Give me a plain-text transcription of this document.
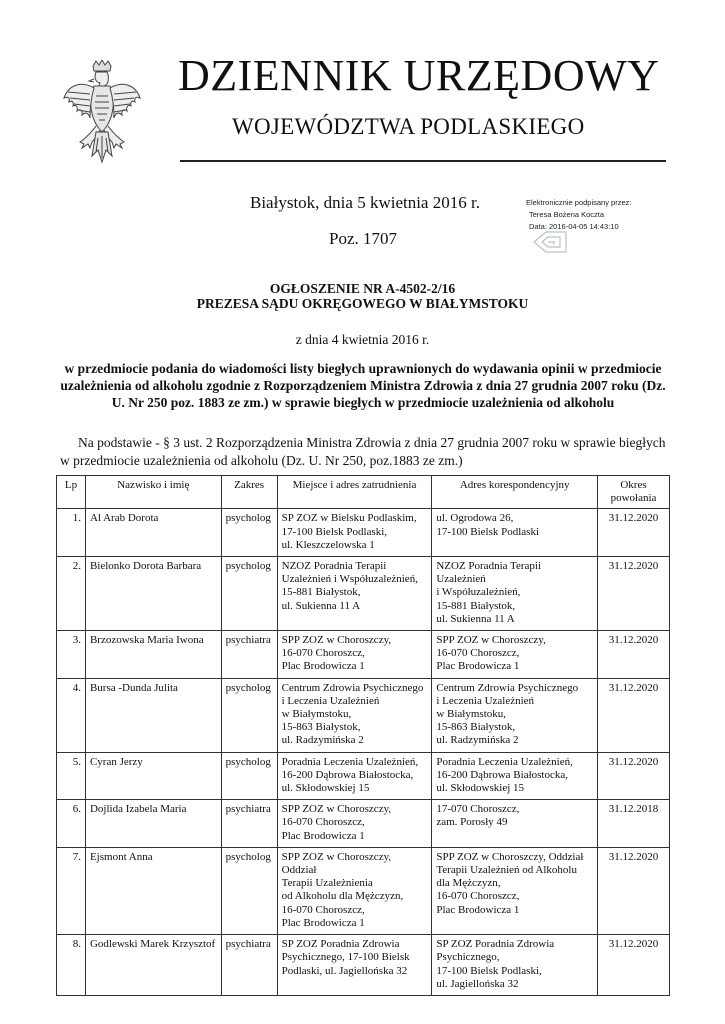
DZIENNIK URZĘDOWY
WOJEWÓDZTWA PODLASKIEGO
Białystok, dnia 5 kwietnia 2016 r.
Poz. 1707
Elektronicznie podpisany przez:
Teresa Bożena Koczta
Data: 2016-04-05 14:43:10
OGŁOSZENIE NR A-4502-2/16
PREZESA SĄDU OKRĘGOWEGO W BIAŁYMSTOKU
z dnia 4 kwietnia 2016 r.
w przedmiocie podania do wiadomości listy biegłych uprawnionych do wydawania opinii w przedmiocie uzależnienia od alkoholu zgodnie z Rozporządzeniem Ministra Zdrowia z dnia 27 grudnia 2007 roku (Dz. U. Nr 250 poz. 1883 ze zm.) w sprawie biegłych w przedmiocie uzależnienia od alkoholu
Na podstawie - § 3 ust. 2 Rozporządzenia Ministra Zdrowia z dnia 27 grudnia 2007 roku w sprawie biegłych w przedmiocie uzależnienia od alkoholu (Dz. U. Nr 250, poz.1883 ze zm.)
Lp	Nazwisko i imię	Zakres	Miejsce i adres zatrudnienia	Adres korespondencyjny	Okres powołania
1.	Al Arab Dorota	psycholog	SP ZOZ w Bielsku Podlaskim,
17-100 Bielsk Podlaski,
ul. Kleszczelowska 1	ul. Ogrodowa 26,
17-100 Bielsk Podlaski	31.12.2020
2.	Bielonko Dorota Barbara	psycholog	NZOZ Poradnia Terapii
Uzależnień i Współuzależnień,
15-881 Białystok,
ul. Sukienna 11 A	NZOZ Poradnia Terapii Uzależnień
i Współuzależnień,
15-881 Białystok,
ul. Sukienna 11 A	31.12.2020
3.	Brzozowska Maria Iwona	psychiatra	SPP ZOZ w Choroszczy,
16-070 Choroszcz,
Plac Brodowicza 1	SPP ZOZ w Choroszczy,
16-070 Choroszcz,
Plac Brodowicza 1	31.12.2020
4.	Bursa -Dunda Julita	psycholog	Centrum Zdrowia Psychicznego
i Leczenia Uzależnień
w Białymstoku,
15-863 Białystok,
ul. Radzymińska 2	Centrum Zdrowia Psychicznego
i Leczenia Uzależnień
w Białymstoku,
15-863 Białystok,
ul. Radzymińska 2	31.12.2020
5.	Cyran Jerzy	psycholog	Poradnia Leczenia Uzależnień,
16-200 Dąbrowa Białostocka,
ul. Skłodowskiej 15	Poradnia Leczenia Uzależnień,
16-200 Dąbrowa Białostocka,
ul. Skłodowskiej 15	31.12.2020
6.	Dojlida Izabela Maria	psychiatra	SPP ZOZ w Choroszczy,
16-070 Choroszcz,
Plac Brodowicza 1	17-070 Choroszcz,
zam. Porosły 49	31.12.2018
7.	Ejsmont Anna	psycholog	SPP ZOZ w Choroszczy, Oddział
Terapii Uzależnienia
od Alkoholu dla Mężczyzn,
16-070 Choroszcz,
Plac Brodowicza 1	SPP ZOZ w Choroszczy, Oddział
Terapii Uzależnień od Alkoholu
dla Mężczyzn,
16-070 Choroszcz,
Plac Brodowicza 1	31.12.2020
8.	Godlewski Marek Krzysztof	psychiatra	SP ZOZ Poradnia Zdrowia
Psychicznego, 17-100 Bielsk
Podlaski, ul. Jagiellońska 32	SP ZOZ Poradnia Zdrowia
Psychicznego,
17-100 Bielsk Podlaski,
ul. Jagiellońska 32	31.12.2020
